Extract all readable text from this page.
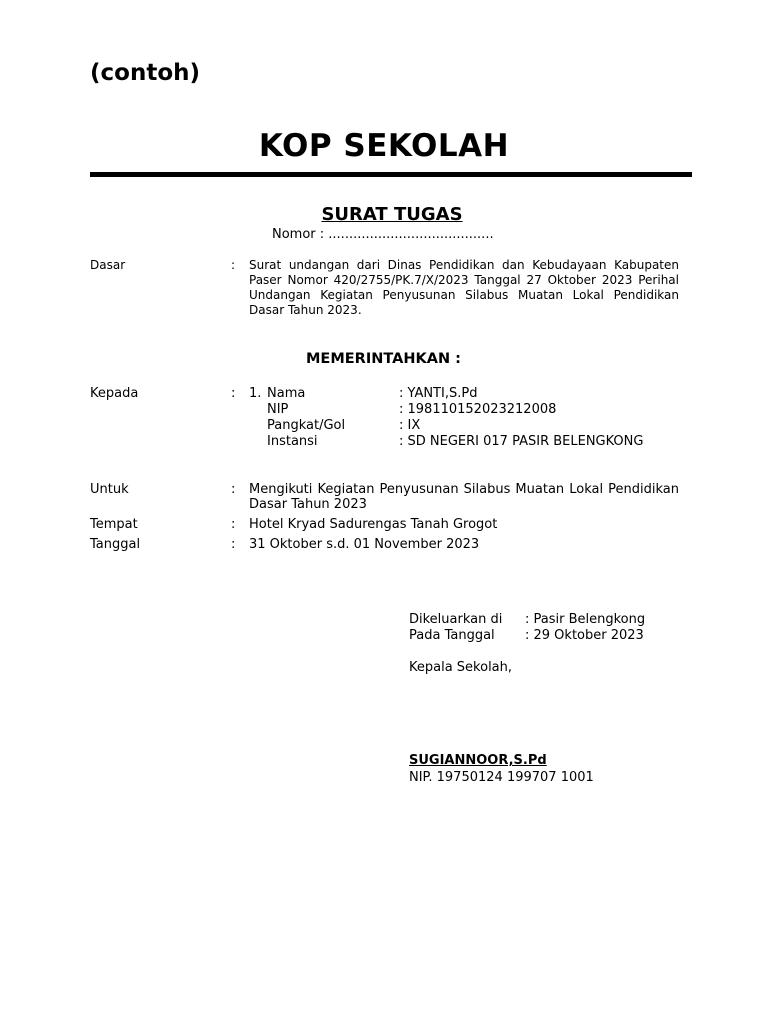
(contoh)
KOP SEKOLAH
SURAT TUGAS
Nomor : ........................................
Dasar	: Surat undangan dari Dinas Pendidikan dan Kebudayaan Kabupaten Paser Nomor 420/2755/PK.7/X/2023 Tanggal 27 Oktober 2023 Perihal Undangan Kegiatan Penyusunan Silabus Muatan Lokal Pendidikan Dasar Tahun 2023.
MEMERINTAHKAN :
Kepada	: 1. Nama	: YANTI,S.Pd
NIP	: 198110152023212008
Pangkat/Gol	: IX
Instansi	: SD NEGERI 017 PASIR BELENGKONG
Untuk	: Mengikuti Kegiatan Penyusunan Silabus Muatan Lokal Pendidikan Dasar Tahun 2023
Tempat	: Hotel Kryad Sadurengas Tanah Grogot
Tanggal	: 31 Oktober s.d. 01 November 2023
Dikeluarkan di : Pasir Belengkong
Pada Tanggal : 29 Oktober 2023
Kepala Sekolah,
SUGIANNOOR,S.Pd
NIP. 19750124 199707 1001
